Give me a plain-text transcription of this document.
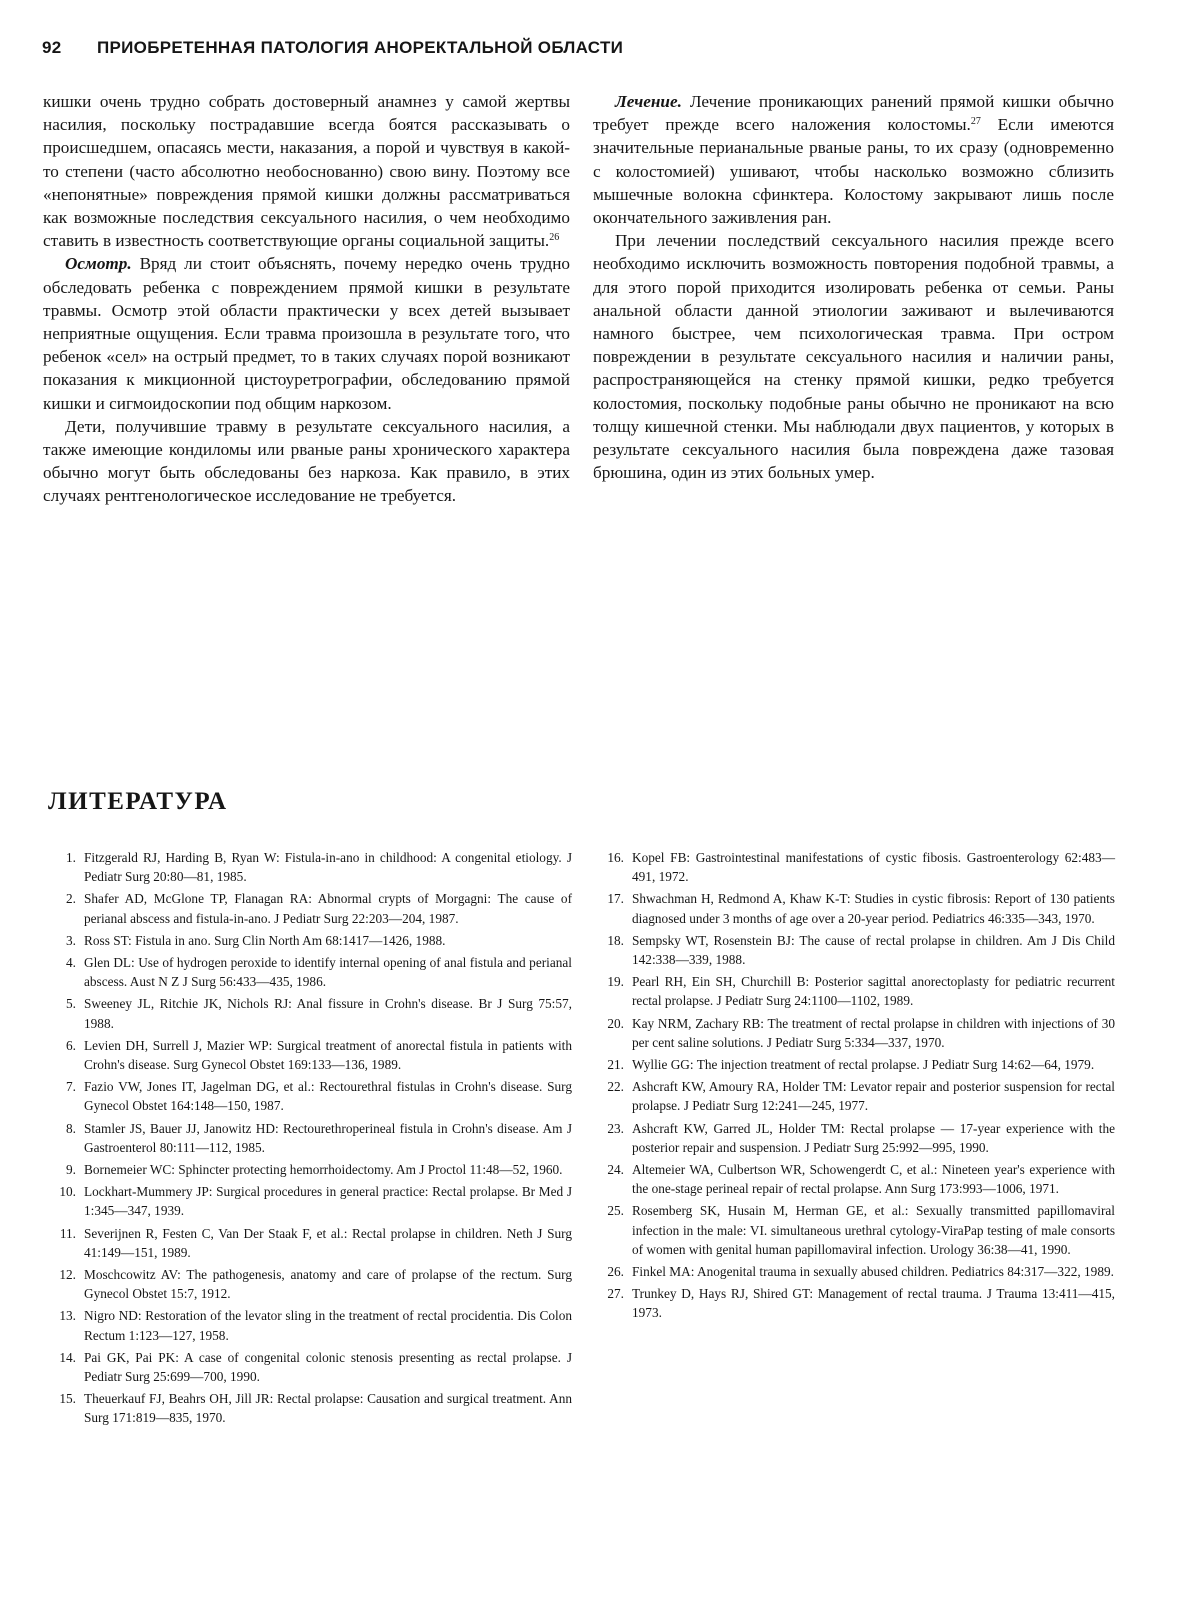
92	ПРИОБРЕТЕННАЯ ПАТОЛОГИЯ АНОРЕКТАЛЬНОЙ ОБЛАСТИ

кишки очень трудно собрать достоверный анамнез у самой жертвы насилия, поскольку пострадавшие всегда боятся рассказывать о происшедшем, опасаясь мести, наказания, а порой и чувствуя в какой-то степени (часто абсолютно необоснованно) свою вину. Поэтому все «непонятные» повреждения прямой кишки должны рассматриваться как возможные последствия сексуального насилия, о чем необходимо ставить в известность соответствующие органы социальной защиты.$^{26}$

Осмотр. Вряд ли стоит объяснять, почему нередко очень трудно обследовать ребенка с повреждением прямой кишки в результате травмы. Осмотр этой области практически у всех детей вызывает неприятные ощущения. Если травма произошла в результате того, что ребенок «сел» на острый предмет, то в таких случаях порой возникают показания к микционной цистоуретрографии, обследованию прямой кишки и сигмоидоскопии под общим наркозом.

Дети, получившие травму в результате сексуального насилия, а также имеющие кондиломы или рваные раны хронического характера обычно могут быть обследованы без наркоза. Как правило, в этих случаях рентгенологическое исследование не требуется.

Лечение. Лечение проникающих ранений прямой кишки обычно требует прежде всего наложения колостомы.$^{27}$ Если имеются значительные перианальные рваные раны, то их сразу (одновременно с колостомией) ушивают, чтобы насколько возможно сблизить мышечные волокна сфинктера. Колостому закрывают лишь после окончательного заживления ран.

При лечении последствий сексуального насилия прежде всего необходимо исключить возможность повторения подобной травмы, а для этого порой приходится изолировать ребенка от семьи. Раны анальной области данной этиологии заживают и вылечиваются намного быстрее, чем психологическая травма. При остром повреждении в результате сексуального насилия и наличии раны, распространяющейся на стенку прямой кишки, редко требуется колостомия, поскольку подобные раны обычно не проникают на всю толщу кишечной стенки. Мы наблюдали двух пациентов, у которых в результате сексуального насилия была повреждена даже тазовая брюшина, один из этих больных умер.

ЛИТЕРАТУРА
1. Fitzgerald RJ, Harding B, Ryan W: Fistula-in-ano in childhood: A congenital etiology. J Pediatr Surg 20:80—81, 1985.
2. Shafer AD, McGlone TP, Flanagan RA: Abnormal crypts of Morgagni: The cause of perianal abscess and fistula-in-ano. J Pediatr Surg 22:203—204, 1987.
3. Ross ST: Fistula in ano. Surg Clin North Am 68:1417—1426, 1988.
4. Glen DL: Use of hydrogen peroxide to identify internal opening of anal fistula and perianal abscess. Aust N Z J Surg 56:433—435, 1986.
5. Sweeney JL, Ritchie JK, Nichols RJ: Anal fissure in Crohn's disease. Br J Surg 75:57, 1988.
6. Levien DH, Surrell J, Mazier WP: Surgical treatment of anorectal fistula in patients with Crohn's disease. Surg Gynecol Obstet 169:133—136, 1989.
7. Fazio VW, Jones IT, Jagelman DG, et al.: Rectourethral fistulas in Crohn's disease. Surg Gynecol Obstet 164:148—150, 1987.
8. Stamler JS, Bauer JJ, Janowitz HD: Rectourethroperineal fistula in Crohn's disease. Am J Gastroenterol 80:111—112, 1985.
9. Bornemeier WC: Sphincter protecting hemorrhoidectomy. Am J Proctol 11:48—52, 1960.
10. Lockhart-Mummery JP: Surgical procedures in general practice: Rectal prolapse. Br Med J 1:345—347, 1939.
11. Severijnen R, Festen C, Van Der Staak F, et al.: Rectal prolapse in children. Neth J Surg 41:149—151, 1989.
12. Moschcowitz AV: The pathogenesis, anatomy and care of prolapse of the rectum. Surg Gynecol Obstet 15:7, 1912.
13. Nigro ND: Restoration of the levator sling in the treatment of rectal procidentia. Dis Colon Rectum 1:123—127, 1958.
14. Pai GK, Pai PK: A case of congenital colonic stenosis presenting as rectal prolapse. J Pediatr Surg 25:699—700, 1990.
15. Theuerkauf FJ, Beahrs OH, Jill JR: Rectal prolapse: Causation and surgical treatment. Ann Surg 171:819—835, 1970.
16. Kopel FB: Gastrointestinal manifestations of cystic fibosis. Gastroenterology 62:483—491, 1972.
17. Shwachman H, Redmond A, Khaw K-T: Studies in cystic fibrosis: Report of 130 patients diagnosed under 3 months of age over a 20-year period. Pediatrics 46:335—343, 1970.
18. Sempsky WT, Rosenstein BJ: The cause of rectal prolapse in children. Am J Dis Child 142:338—339, 1988.
19. Pearl RH, Ein SH, Churchill B: Posterior sagittal anorectoplasty for pediatric recurrent rectal prolapse. J Pediatr Surg 24:1100—1102, 1989.
20. Kay NRM, Zachary RB: The treatment of rectal prolapse in children with injections of 30 per cent saline solutions. J Pediatr Surg 5:334—337, 1970.
21. Wyllie GG: The injection treatment of rectal prolapse. J Pediatr Surg 14:62—64, 1979.
22. Ashcraft KW, Amoury RA, Holder TM: Levator repair and posterior suspension for rectal prolapse. J Pediatr Surg 12:241—245, 1977.
23. Ashcraft KW, Garred JL, Holder TM: Rectal prolapse — 17-year experience with the posterior repair and suspension. J Pediatr Surg 25:992—995, 1990.
24. Altemeier WA, Culbertson WR, Schowengerdt C, et al.: Nineteen year's experience with the one-stage perineal repair of rectal prolapse. Ann Surg 173:993—1006, 1971.
25. Rosemberg SK, Husain M, Herman GE, et al.: Sexually transmitted papillomaviral infection in the male: VI. simultaneous urethral cytology-ViraPap testing of male consorts of women with genital human papillomaviral infection. Urology 36:38—41, 1990.
26. Finkel MA: Anogenital trauma in sexually abused children. Pediatrics 84:317—322, 1989.
27. Trunkey D, Hays RJ, Shired GT: Management of rectal trauma. J Trauma 13:411—415, 1973.
